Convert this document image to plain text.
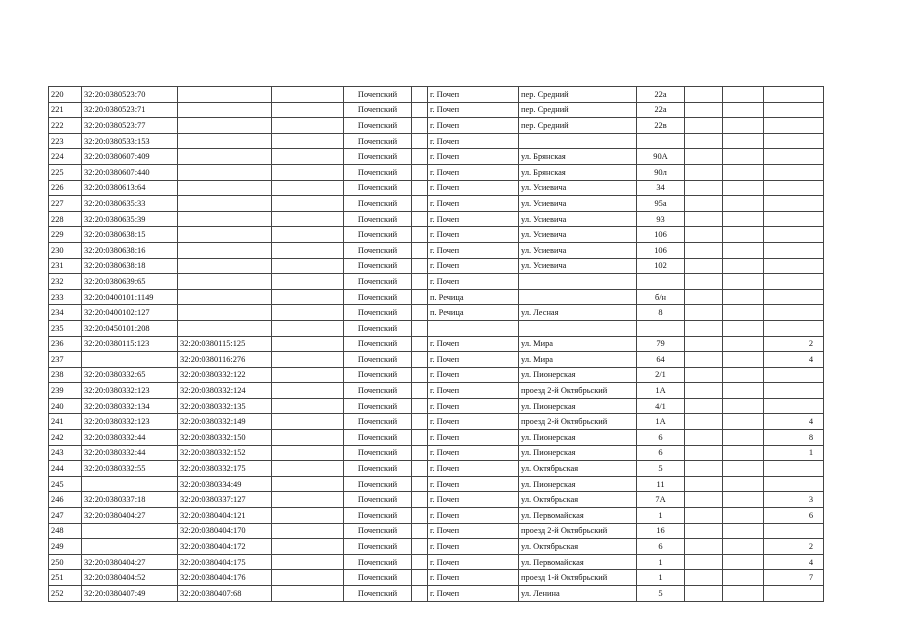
220	32:20:0380523:70			Почепский		г. Почеп	пер. Средний	22а			
221	32:20:0380523:71			Почепский		г. Почеп	пер. Средний	22а			
222	32:20:0380523:77			Почепский		г. Почеп	пер. Средний	22в			
223	32:20:0380533:153			Почепский		г. Почеп					
224	32:20:0380607:409			Почепский		г. Почеп	ул. Брянская	90А			
225	32:20:0380607:440			Почепский		г. Почеп	ул. Брянская	90л			
226	32:20:0380613:64			Почепский		г. Почеп	ул. Усиевича	34			
227	32:20:0380635:33			Почепский		г. Почеп	ул. Усиевича	95а			
228	32:20:0380635:39			Почепский		г. Почеп	ул. Усиевича	93			
229	32:20:0380638:15			Почепский		г. Почеп	ул. Усиевича	106			
230	32:20:0380638:16			Почепский		г. Почеп	ул. Усиевича	106			
231	32:20:0380638:18			Почепский		г. Почеп	ул. Усиевича	102			
232	32:20:0380639:65			Почепский		г. Почеп					
233	32:20:0400101:1149			Почепский		п. Речица		б/н			
234	32:20:0400102:127			Почепский		п. Речица	ул. Лесная	8			
235	32:20:0450101:208			Почепский							
236	32:20:0380115:123	32:20:0380115:125		Почепский		г. Почеп	ул. Мира	79			2
237		32:20:0380116:276		Почепский		г. Почеп	ул. Мира	64			4
238	32:20:0380332:65	32:20:0380332:122		Почепский		г. Почеп	ул. Пионерская	2/1			
239	32:20:0380332:123	32:20:0380332:124		Почепский		г. Почеп	проезд 2-й Октябрьский	1А			
240	32:20:0380332:134	32:20:0380332:135		Почепский		г. Почеп	ул. Пионерская	4/1			
241	32:20:0380332:123	32:20:0380332:149		Почепский		г. Почеп	проезд 2-й Октябрьский	1А			4
242	32:20:0380332:44	32:20:0380332:150		Почепский		г. Почеп	ул. Пионерская	6			8
243	32:20:0380332:44	32:20:0380332:152		Почепский		г. Почеп	ул. Пионерская	6			1
244	32:20:0380332:55	32:20:0380332:175		Почепский		г. Почеп	ул. Октябрьская	5			
245		32:20:0380334:49		Почепский		г. Почеп	ул. Пионерская	11			
246	32:20:0380337:18	32:20:0380337:127		Почепский		г. Почеп	ул. Октябрьская	7А			3
247	32:20:0380404:27	32:20:0380404:121		Почепский		г. Почеп	ул. Первомайская	1			6
248		32:20:0380404:170		Почепский		г. Почеп	проезд 2-й Октябрьский	16			
249		32:20:0380404:172		Почепский		г. Почеп	ул. Октябрьская	6			2
250	32:20:0380404:27	32:20:0380404:175		Почепский		г. Почеп	ул. Первомайская	1			4
251	32:20:0380404:52	32:20:0380404:176		Почепский		г. Почеп	проезд 1-й Октябрьский	1			7
252	32:20:0380407:49	32:20:0380407:68		Почепский		г. Почеп	ул. Ленина	5			
